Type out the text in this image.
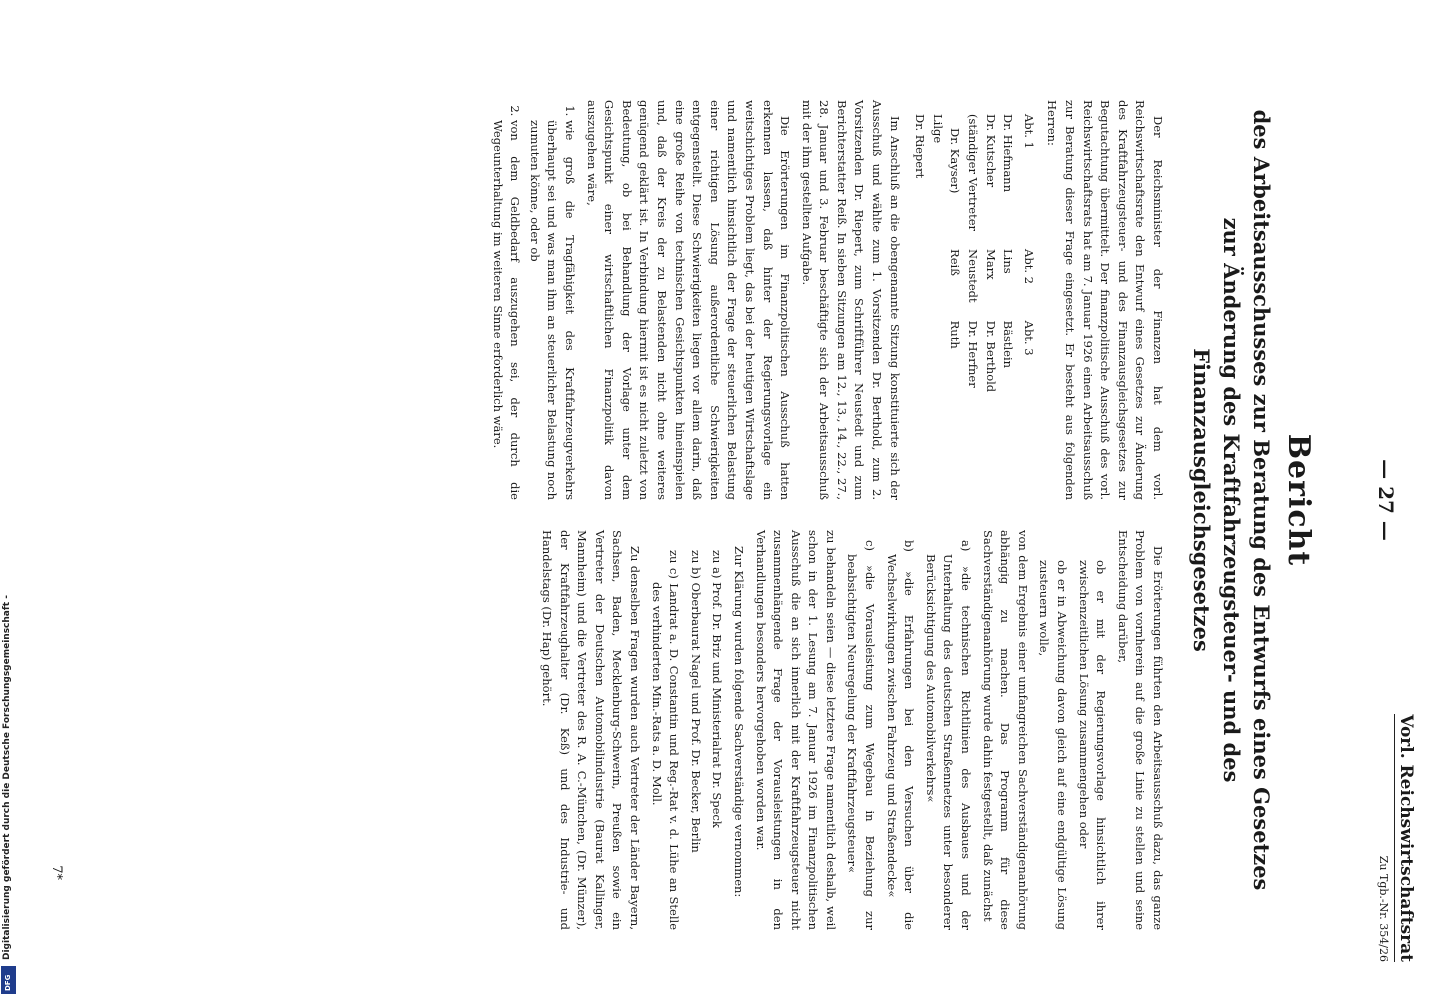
— 27 —
Vorl. Reichswirtschaftsrat
Zu Tgb.-Nr. 354/26
Bericht
des Arbeitsausschusses zur Beratung des Entwurfs eines Gesetzes
zur Änderung des Kraftfahrzeugsteuer- und des
Finanzausgleichsgesetzes

Der Reichsminister der Finanzen hat dem vorl. Reichswirtschaftsrate den Entwurf eines Gesetzes zur Änderung des Kraftfahrzeugsteuer- und des Finanzausgleichsgesetzes zur Begutachtung übermittelt. Der finanzpolitische Ausschuß des vorl. Reichswirtschaftsrats hat am 7. Januar 1926 einen Arbeitsausschuß zur Beratung dieser Frage eingesetzt. Er besteht aus folgenden Herren:

Abt. 1	Abt. 2	Abt. 3
Dr. Hiefmann	Lins	Bästlein
Dr. Kutscher	Marx	Dr. Berthold
(ständiger Vertreter	Neustedt	Dr. Herfner
Dr. Kayser)	Reiß	Ruth
Lilge		
Dr. Riepert		

Im Anschluß an die obengenannte Sitzung konstituierte sich der Ausschuß und wählte zum 1. Vorsitzenden Dr. Berthold, zum 2. Vorsitzenden Dr. Riepert, zum Schriftführer Neustedt und zum Berichterstatter Reiß. In sieben Sitzungen am 12., 13., 14., 22., 27., 28. Januar und 3. Februar beschäftigte sich der Arbeitsausschuß mit der ihm gestellten Aufgabe.

Die Erörterungen im Finanzpolitischen Ausschuß hatten erkennen lassen, daß hinter der Regierungsvorlage ein weitschichtiges Problem liegt, das bei der heutigen Wirtschaftslage und namentlich hinsichtlich der Frage der steuerlichen Belastung einer richtigen Lösung außerordentliche Schwierigkeiten entgegenstellt. Diese Schwierigkeiten liegen vor allem darin, daß eine große Reihe von technischen Gesichtspunkten hineinspielen und, daß der Kreis der zu Belastenden nicht ohne weiteres genügend geklärt ist. In Verbindung hiermit ist es nicht zuletzt von Bedeutung, ob bei Behandlung der Vorlage unter dem Gesichtspunkt einer wirtschaftlichen Finanzpolitik davon auszugehen wäre,

1. wie groß die Tragfähigkeit des Kraftfahrzeugverkehrs überhaupt sei und was man ihm an steuerlicher Belastung noch zumuten könne, oder ob
2. von dem Geldbedarf auszugehen sei, der durch die Wegeunterhaltung im weiteren Sinne erforderlich wäre.

Die Erörterungen führten den Arbeitsausschuß dazu, das ganze Problem von vornherein auf die große Linie zu stellen und seine Entscheidung darüber,

ob er mit der Regierungsvorlage hinsichtlich ihrer zwischenzeitlichen Lösung zusammengehen oder

ob er in Abweichung davon gleich auf eine endgültige Lösung zusteuern wolle,

von dem Ergebnis einer umfangreichen Sachverständigenanhörung abhängig zu machen. Das Programm für diese Sachverständigenanhörung wurde dahin festgestellt, daß zunächst

a) »die technischen Richtlinien des Ausbaues und der Unterhaltung des deutschen Straßennetzes unter besonderer Berücksichtigung des Automobilverkehrs«

b) »die Erfahrungen bei den Versuchen über die Wechselwirkungen zwischen Fahrzeug und Straßendecke«

c) »die Vorausleistung zum Wegebau in Beziehung zur beabsichtigten Neuregelung der Kraftfahrzeugsteuer«

zu behandeln seien — diese letztere Frage namentlich deshalb, weil schon in der 1. Lesung am 7. Januar 1926 im Finanzpolitischen Ausschuß die an sich innerlich mit der Kraftfahrzeugsteuer nicht zusammenhängende Frage der Vorausleistungen in den Verhandlungen besonders hervorgehoben worden war.

Zur Klärung wurden folgende Sachverständige vernommen:

zu a) Prof. Dr. Briz und Ministerialrat Dr. Speck

zu b) Oberbaurat Nagel und Prof. Dr. Becker, Berlin

zu c) Landrat a. D. Constantin und Reg.-Rat v. d. Lühe an Stelle des verhinderten Min.-Rats a. D. Moll.

Zu denselben Fragen wurden auch Vertreter der Länder Bayern, Sachsen, Baden, Mecklenburg-Schwerin, Preußen sowie ein Vertreter der Deutschen Automobilindustrie (Baurat Kallinger, Mannheim) und die Vertreter des R. A. C.-München, (Dr. Münzer), der Kraftfahrzeughalter (Dr. Keß) und des Industrie- und Handelstags (Dr. Hap) gehört.

7*
Digitalisierung gefördert durch die Deutsche Forschungsgemeinschaft -
DFG
